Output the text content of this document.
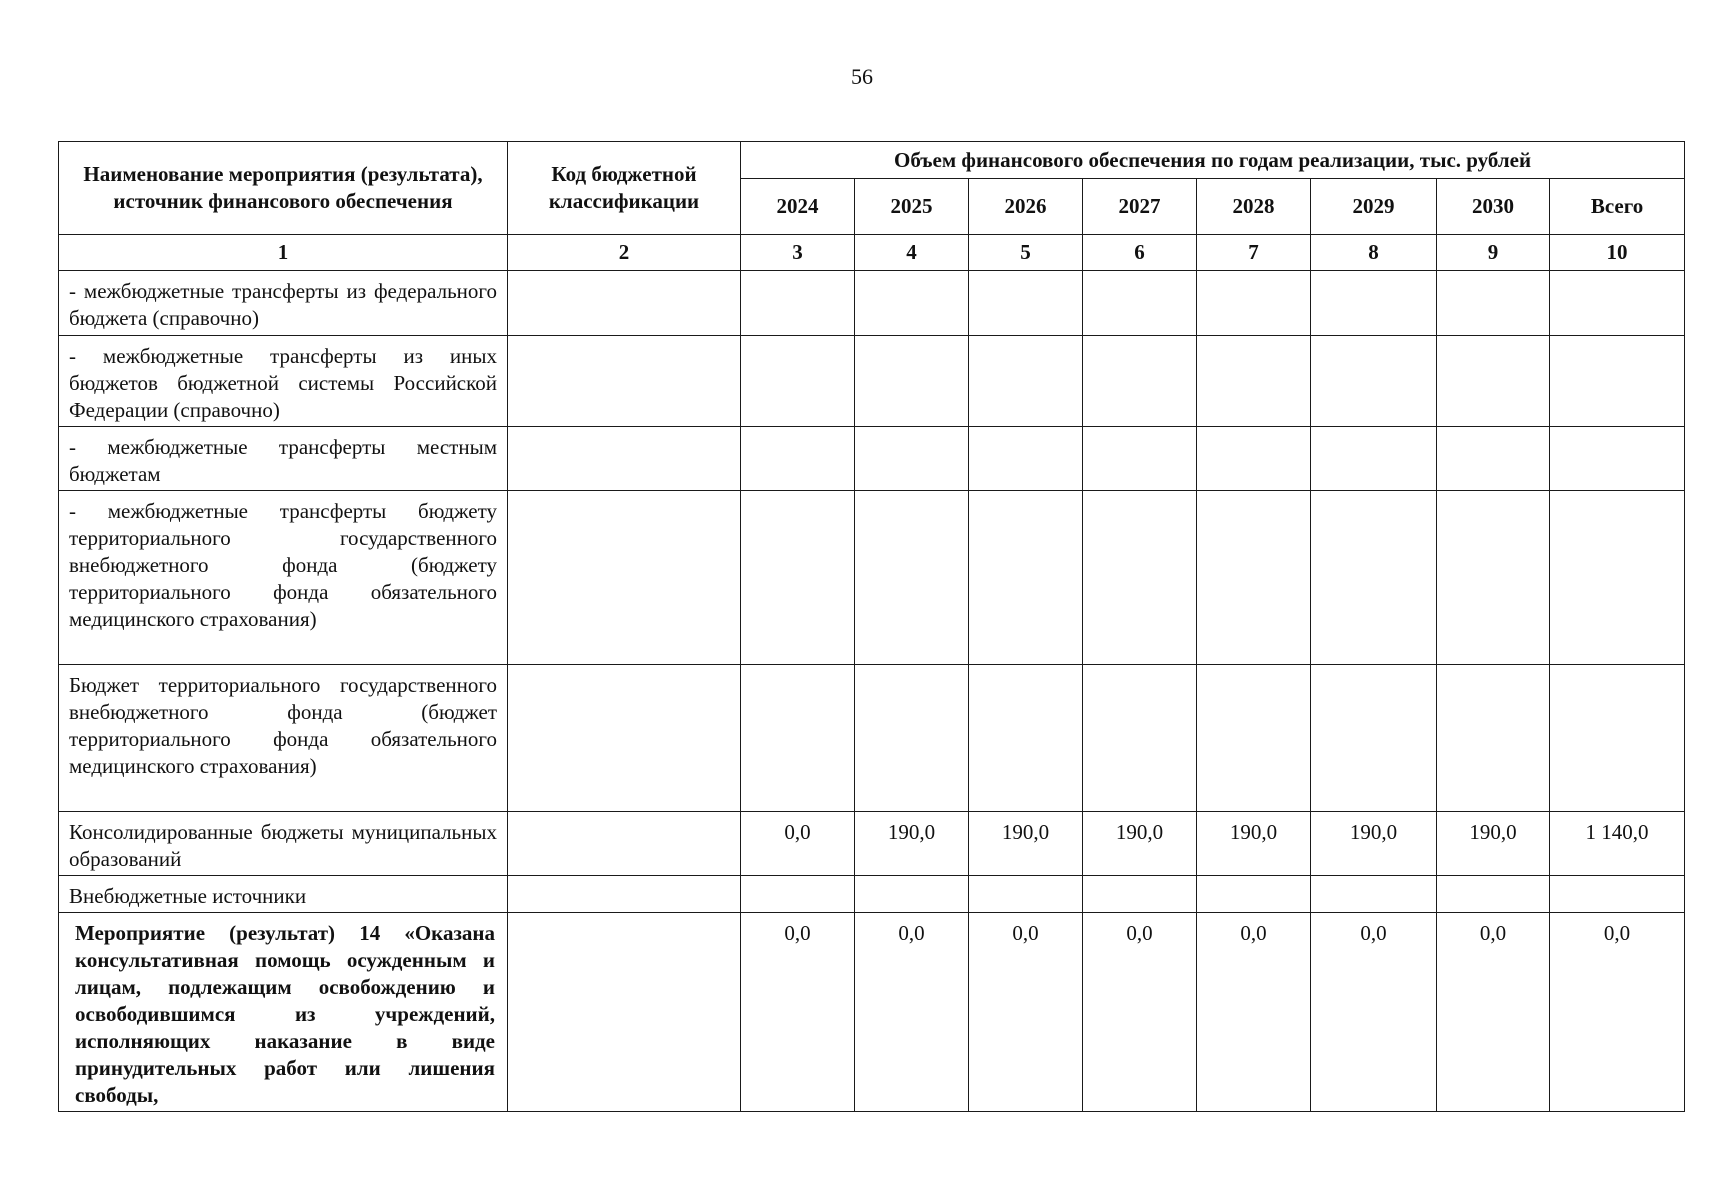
56
Наименование мероприятия (результата), источник финансового обеспечения	Код бюджетной классификации	Объем финансового обеспечения по годам реализации, тыс. рублей							
		2024	2025	2026	2027	2028	2029	2030	Всего
1	2	3	4	5	6	7	8	9	10
- межбюджетные трансферты из федерального бюджета (справочно)									
- межбюджетные трансферты из иных бюджетов бюджетной системы Российской Федерации (справочно)									
- межбюджетные трансферты местным бюджетам									
- межбюджетные трансферты бюджету территориального государственного внебюджетного фонда (бюджету территориального фонда обязательного медицинского страхования)									
Бюджет территориального государственного внебюджетного фонда (бюджет территориального фонда обязательного медицинского страхования)									
Консолидированные бюджеты муниципальных образований		0,0	190,0	190,0	190,0	190,0	190,0	190,0	1 140,0
Внебюджетные источники									
Мероприятие (результат) 14 «Оказана консультативная помощь осужденным и лицам, подлежащим освобождению и освободившимся из учреждений, исполняющих наказание в виде принудительных работ или лишения свободы,		0,0	0,0	0,0	0,0	0,0	0,0	0,0	0,0
